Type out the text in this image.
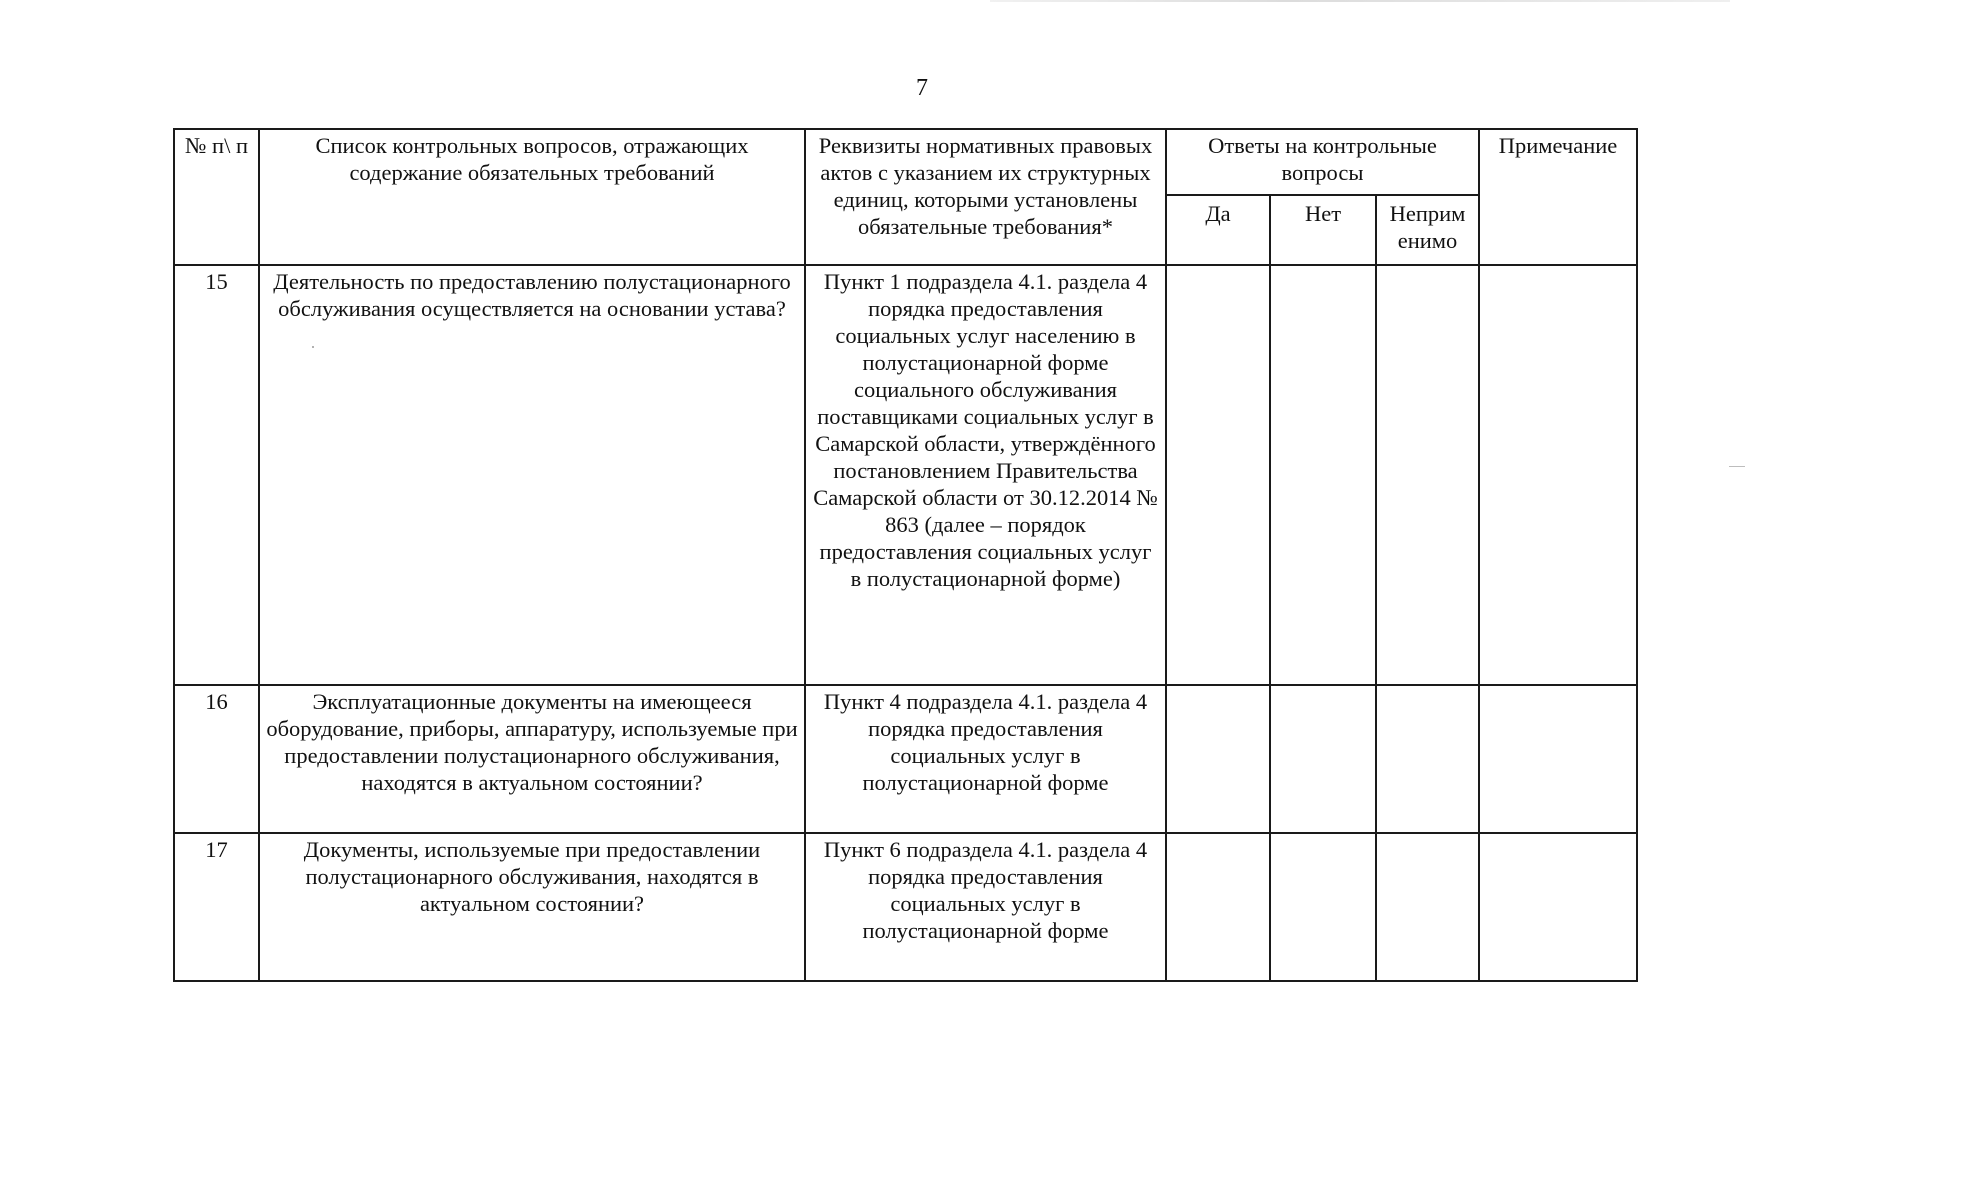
7
№ п\ п	Список контрольных вопросов, отражающих содержание обязательных требований	Реквизиты нормативных правовых актов с указанием их структурных единиц, которыми установлены обязательные требования*	Ответы на контрольные вопросы			Примечание
			Да	Нет	Неприм енимо	
15	Деятельность по предоставлению полустационарного обслуживания осуществляется на основании устава?	Пункт 1 подраздела 4.1. раздела 4 порядка предоставления социальных услуг населению в полустационарной форме социального обслуживания поставщиками социальных услуг в Самарской области, утверждённого постановлением Правительства Самарской области от 30.12.2014 № 863 (далее – порядок предоставления социальных услуг в полустационарной форме)				
16	Эксплуатационные документы на имеющееся оборудование, приборы, аппаратуру, используемые при предоставлении полустационарного обслуживания, находятся в актуальном состоянии?	Пункт 4 подраздела 4.1. раздела 4 порядка предоставления социальных услуг в полустационарной форме				
17	Документы, используемые при предоставлении полустационарного обслуживания, находятся в актуальном состоянии?	Пункт 6 подраздела 4.1. раздела 4 порядка предоставления социальных услуг в полустационарной форме				
